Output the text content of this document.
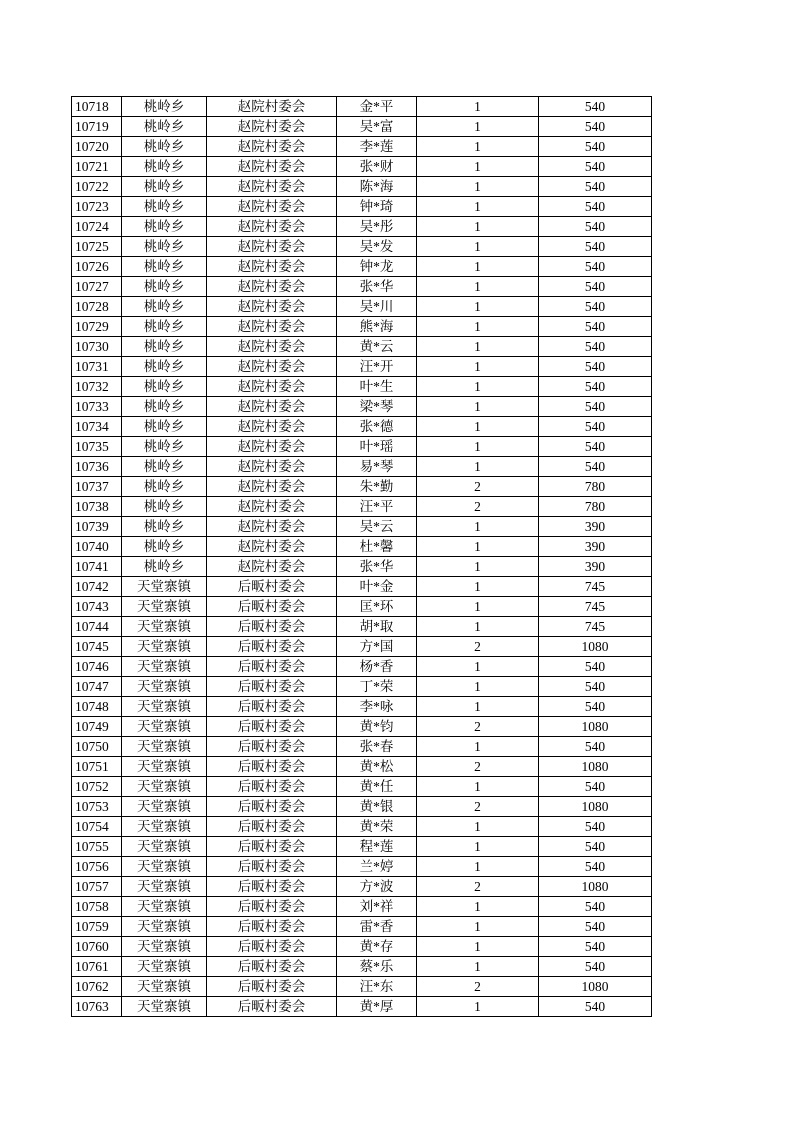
10718	桃岭乡	赵院村委会	金*平	1	540
10719	桃岭乡	赵院村委会	吴*富	1	540
10720	桃岭乡	赵院村委会	李*莲	1	540
10721	桃岭乡	赵院村委会	张*财	1	540
10722	桃岭乡	赵院村委会	陈*海	1	540
10723	桃岭乡	赵院村委会	钟*琦	1	540
10724	桃岭乡	赵院村委会	吴*彤	1	540
10725	桃岭乡	赵院村委会	吴*发	1	540
10726	桃岭乡	赵院村委会	钟*龙	1	540
10727	桃岭乡	赵院村委会	张*华	1	540
10728	桃岭乡	赵院村委会	吴*川	1	540
10729	桃岭乡	赵院村委会	熊*海	1	540
10730	桃岭乡	赵院村委会	黄*云	1	540
10731	桃岭乡	赵院村委会	汪*开	1	540
10732	桃岭乡	赵院村委会	叶*生	1	540
10733	桃岭乡	赵院村委会	梁*琴	1	540
10734	桃岭乡	赵院村委会	张*德	1	540
10735	桃岭乡	赵院村委会	叶*瑶	1	540
10736	桃岭乡	赵院村委会	易*琴	1	540
10737	桃岭乡	赵院村委会	朱*勤	2	780
10738	桃岭乡	赵院村委会	汪*平	2	780
10739	桃岭乡	赵院村委会	吴*云	1	390
10740	桃岭乡	赵院村委会	杜*馨	1	390
10741	桃岭乡	赵院村委会	张*华	1	390
10742	天堂寨镇	后畈村委会	叶*金	1	745
10743	天堂寨镇	后畈村委会	匡*环	1	745
10744	天堂寨镇	后畈村委会	胡*取	1	745
10745	天堂寨镇	后畈村委会	方*国	2	1080
10746	天堂寨镇	后畈村委会	杨*香	1	540
10747	天堂寨镇	后畈村委会	丁*荣	1	540
10748	天堂寨镇	后畈村委会	李*咏	1	540
10749	天堂寨镇	后畈村委会	黄*钧	2	1080
10750	天堂寨镇	后畈村委会	张*春	1	540
10751	天堂寨镇	后畈村委会	黄*松	2	1080
10752	天堂寨镇	后畈村委会	黄*任	1	540
10753	天堂寨镇	后畈村委会	黄*银	2	1080
10754	天堂寨镇	后畈村委会	黄*荣	1	540
10755	天堂寨镇	后畈村委会	程*莲	1	540
10756	天堂寨镇	后畈村委会	兰*婷	1	540
10757	天堂寨镇	后畈村委会	方*波	2	1080
10758	天堂寨镇	后畈村委会	刘*祥	1	540
10759	天堂寨镇	后畈村委会	雷*香	1	540
10760	天堂寨镇	后畈村委会	黄*存	1	540
10761	天堂寨镇	后畈村委会	蔡*乐	1	540
10762	天堂寨镇	后畈村委会	汪*东	2	1080
10763	天堂寨镇	后畈村委会	黄*厚	1	540
